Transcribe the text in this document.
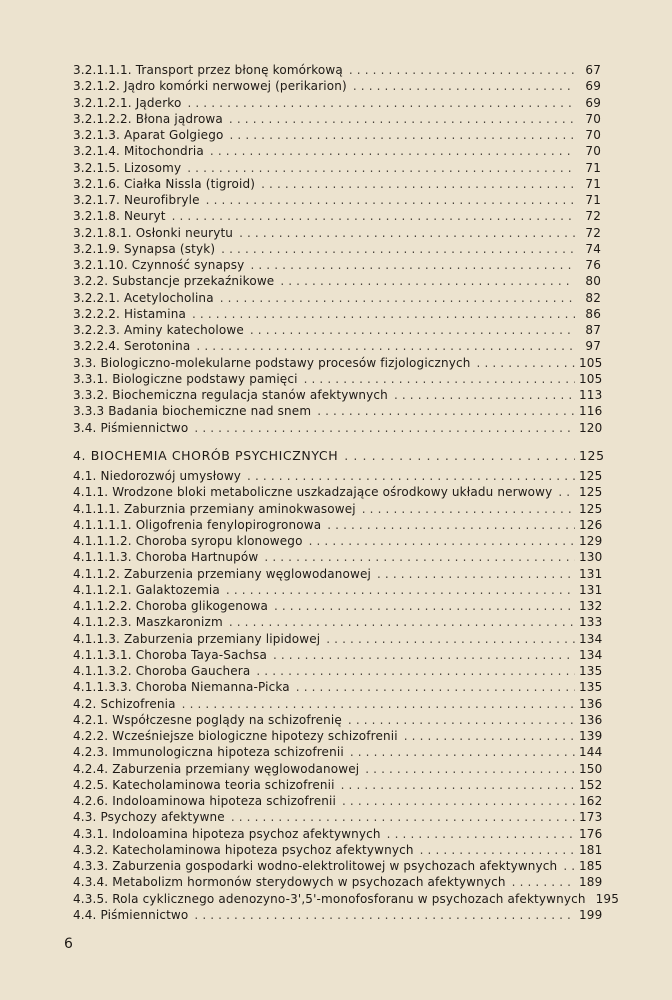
3.2.1.1.1. Transport przez błonę komórkową . . .	67
3.2.1.2. Jądro komórki nerwowej (perikarion) . . .	69
3.2.1.2.1. Jąderko . . .	69
3.2.1.2.2. Błona jądrowa . . .	70
3.2.1.3. Aparat Golgiego . . .	70
3.2.1.4. Mitochondria . . .	70
3.2.1.5. Lizosomy . . .	71
3.2.1.6. Ciałka Nissla (tigroid) . . .	71
3.2.1.7. Neurofibryle . . .	71
3.2.1.8. Neuryt . . .	72
3.2.1.8.1. Osłonki neurytu . . .	72
3.2.1.9. Synapsa (styk) . . .	74
3.2.1.10. Czynność synapsy . . .	76
3.2.2. Substancje przekaźnikowe . . .	80
3.2.2.1. Acetylocholina . . .	82
3.2.2.2. Histamina . . .	86
3.2.2.3. Aminy katecholowe . . .	87
3.2.2.4. Serotonina . . .	97
3.3. Biologiczno-molekularne podstawy procesów fizjologicznych . . .	105
3.3.1. Biologiczne podstawy pamięci . . .	105
3.3.2. Biochemiczna regulacja stanów afektywnych . . .	113
3.3.3 Badania biochemiczne nad snem . . .	116
3.4. Piśmiennictwo . . .	120
4. BIOCHEMIA CHORÓB PSYCHICZNYCH . . .	125
4.1. Niedorozwój umysłowy . . .	125
4.1.1. Wrodzone bloki metaboliczne uszkadzające ośrodkowy układu nerwowy . . . 125
4.1.1.1. Zaburznia przemiany aminokwasowej . . .	125
4.1.1.1.1. Oligofrenia fenylopirogronowa . . .	126
4.1.1.1.2. Choroba syropu klonowego . . .	129
4.1.1.1.3. Choroba Hartnupów . . .	130
4.1.1.2. Zaburzenia przemiany węglowodanowej . . .	131
4.1.1.2.1. Galaktozemia . . .	131
4.1.1.2.2. Choroba glikogenowa . . .	132
4.1.1.2.3. Maszkaronizm . . .	133
4.1.1.3. Zaburzenia przemiany lipidowej . . .	134
4.1.1.3.1. Choroba Taya-Sachsa . . .	134
4.1.1.3.2. Choroba Gauchera . . .	135
4.1.1.3.3. Choroba Niemanna-Picka . . .	135
4.2. Schizofrenia . . .	136
4.2.1. Współczesne poglądy na schizofrenię . . .	136
4.2.2. Wcześniejsze biologiczne hipotezy schizofrenii . . .	139
4.2.3. Immunologiczna hipoteza schizofrenii . . .	144
4.2.4. Zaburzenia przemiany węglowodanowej . . .	150
4.2.5. Katecholaminowa teoria schizofrenii . . .	152
4.2.6. Indoloaminowa hipoteza schizofrenii . . .	162
4.3. Psychozy afektywne . . .	173
4.3.1. Indoloamina hipoteza psychoz afektywnych . . .	176
4.3.2. Katecholaminowa hipoteza psychoz afektywnych . . .	181
4.3.3. Zaburzenia gospodarki wodno-elektrolitowej w psychozach afektywnych . . . 185
4.3.4. Metabolizm hormonów sterydowych w psychozach afektywnych . . .	189
4.3.5. Rola cyklicznego adenozyno-3',5'-monofosforanu w psychozach afektywnych 195
4.4. Piśmiennictwo . . .	199
6
